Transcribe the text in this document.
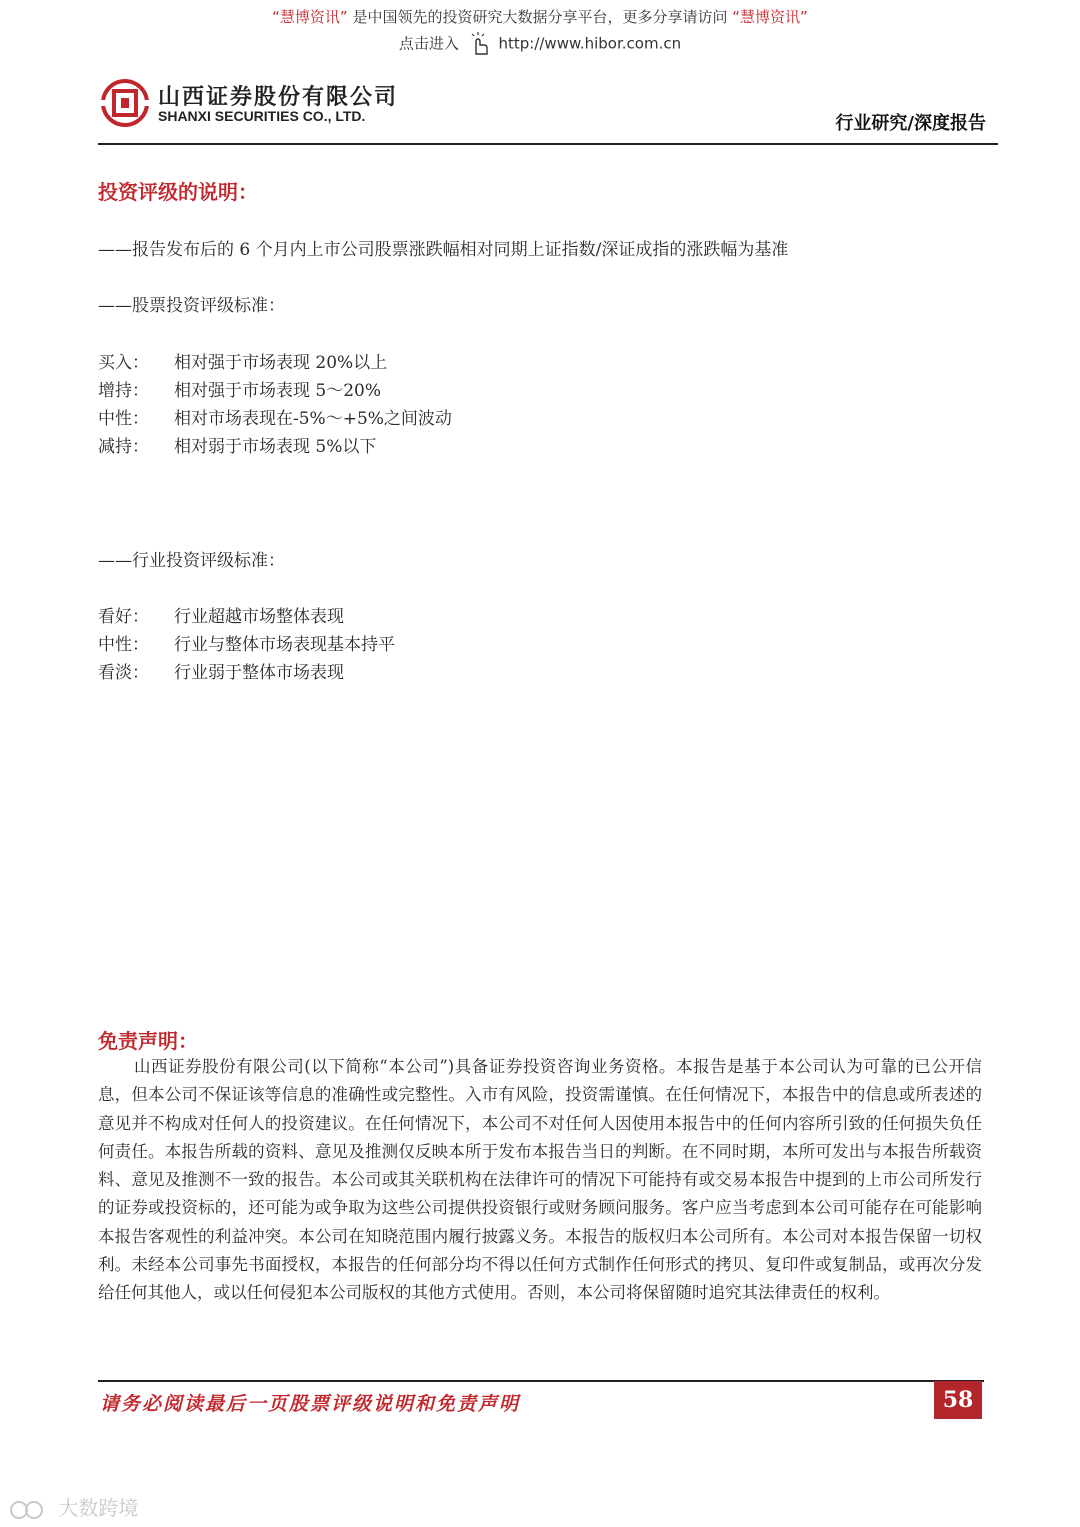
“慧博资讯” 是中国领先的投资研究大数据分享平台，更多分享请访问 “慧博资讯”
点击进入	http://www.hibor.com.cn
山西证券股份有限公司
SHANXI SECURITIES CO., LTD.	行业研究/深度报告
投资评级的说明：
——报告发布后的 6 个月内上市公司股票涨跌幅相对同期上证指数/深证成指的涨跌幅为基准
——股票投资评级标准：
买入： 相对强于市场表现 20%以上
增持： 相对强于市场表现 5～20%
中性： 相对市场表现在-5%～+5%之间波动
减持： 相对弱于市场表现 5%以下
——行业投资评级标准：
看好： 行业超越市场整体表现
中性： 行业与整体市场表现基本持平
看淡： 行业弱于整体市场表现
免责声明：
山西证券股份有限公司(以下简称“本公司”)具备证券投资咨询业务资格。本报告是基于本公司认为可靠的已公开信息，但本公司不保证该等信息的准确性或完整性。入市有风险，投资需谨慎。在任何情况下，本报告中的信息或所表述的意见并不构成对任何人的投资建议。在任何情况下，本公司不对任何人因使用本报告中的任何内容所引致的任何损失负任何责任。本报告所载的资料、意见及推测仅反映本所于发布本报告当日的判断。在不同时期，本所可发出与本报告所载资料、意见及推测不一致的报告。本公司或其关联机构在法律许可的情况下可能持有或交易本报告中提到的上市公司所发行的证券或投资标的，还可能为或争取为这些公司提供投资银行或财务顾问服务。客户应当考虑到本公司可能存在可能影响本报告客观性的利益冲突。本公司在知晓范围内履行披露义务。本报告的版权归本公司所有。本公司对本报告保留一切权利。未经本公司事先书面授权，本报告的任何部分均不得以任何方式制作任何形式的拷贝、复印件或复制品，或再次分发给任何其他人，或以任何侵犯本公司版权的其他方式使用。否则，本公司将保留随时追究其法律责任的权利。
请务必阅读最后一页股票评级说明和免责声明	58
大数跨境
